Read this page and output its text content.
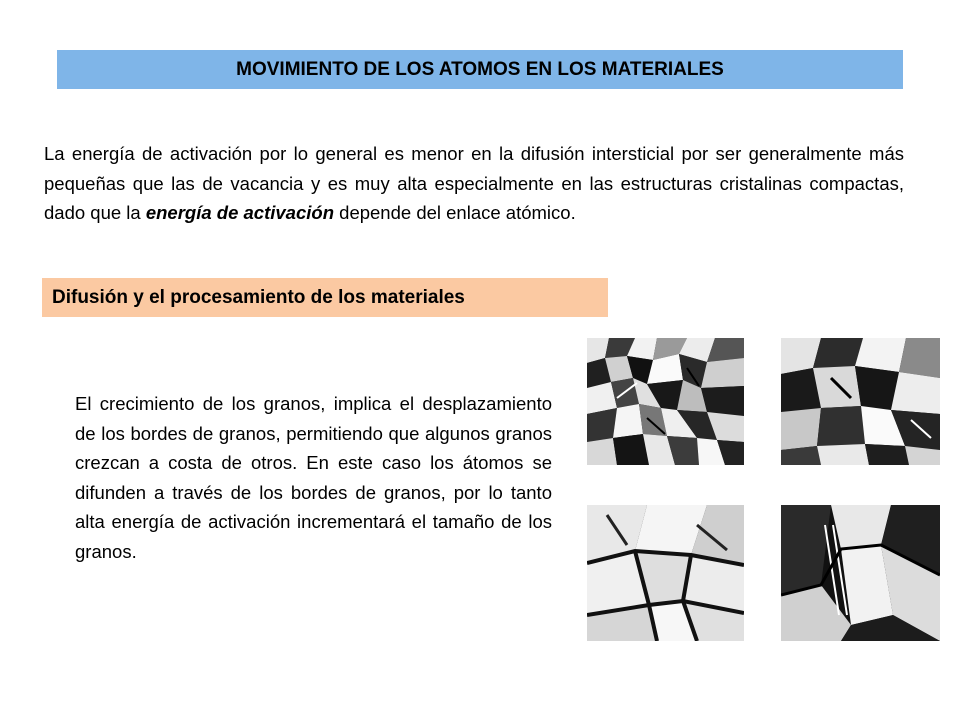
MOVIMIENTO DE LOS ATOMOS EN LOS MATERIALES

La energía de activación por lo general es menor en la difusión intersticial por ser generalmente más pequeñas que las de vacancia y es muy alta especialmente en las estructuras cristalinas compactas, dado que la energía de activación depende del enlace atómico.

Difusión y el procesamiento de los materiales

El crecimiento de los granos, implica el desplazamiento de los bordes de granos, permitiendo que algunos granos crezcan a costa de otros. En este caso los átomos se difunden a través de los bordes de granos, por lo tanto alta energía de activación incrementará el tamaño de los granos.
